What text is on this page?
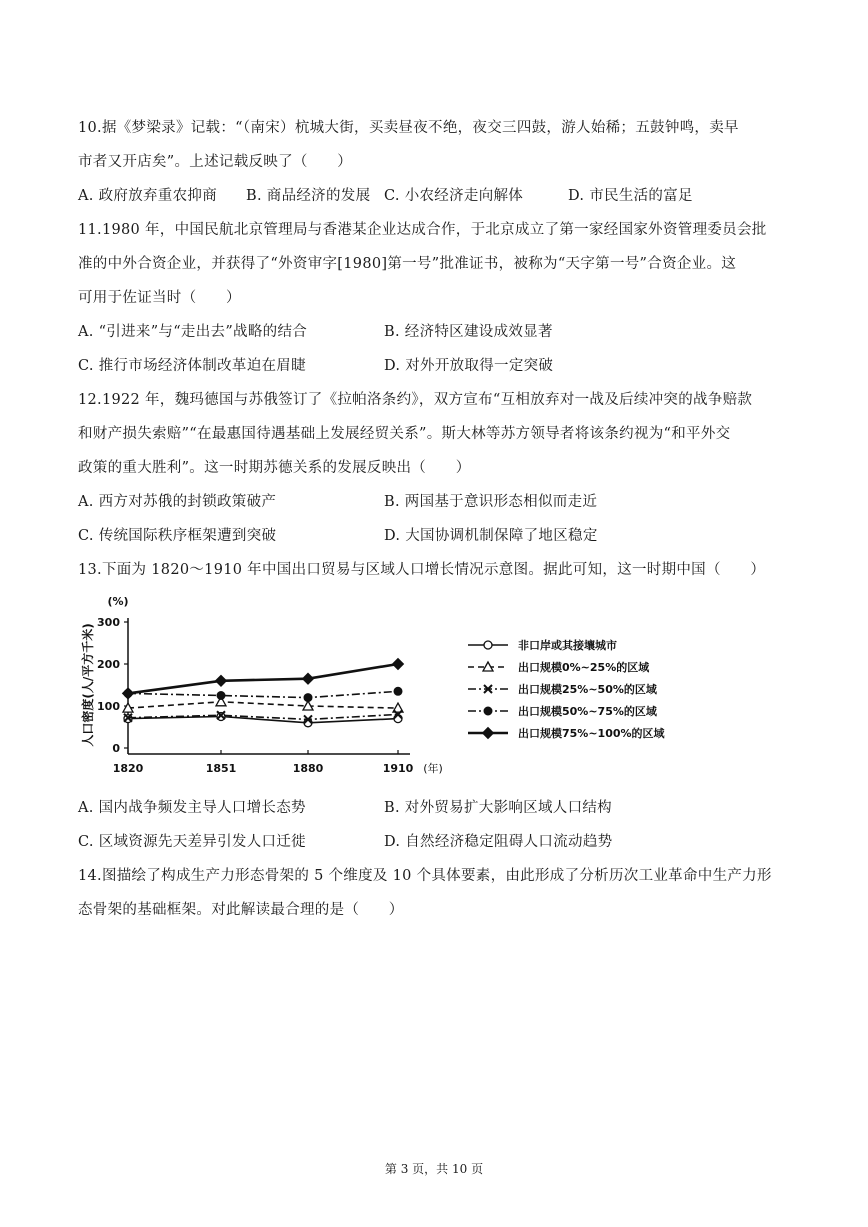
10.据《梦梁录》记载：“（南宋）杭城大街，买卖昼夜不绝，夜交三四鼓，游人始稀；五鼓钟鸣，卖早
市者又开店矣”。上述记载反映了（　　）
A. 政府放弃重农抑商 B. 商品经济的发展 C. 小农经济走向解体	D. 市民生活的富足
11.1980 年，中国民航北京管理局与香港某企业达成合作，于北京成立了第一家经国家外资管理委员会批
准的中外合资企业，并获得了“外资审字[1980]第一号”批准证书，被称为“天字第一号”合资企业。这
可用于佐证当时（　　）
A. “引进来”与“走出去”战略的结合	B. 经济特区建设成效显著
C. 推行市场经济体制改革迫在眉睫	D. 对外开放取得一定突破
12.1922 年，魏玛德国与苏俄签订了《拉帕洛条约》，双方宣布“互相放弃对一战及后续冲突的战争赔款
和财产损失索赔”“在最惠国待遇基础上发展经贸关系”。斯大林等苏方领导者将该条约视为“和平外交
政策的重大胜利”。这一时期苏德关系的发展反映出（　　）
A. 西方对苏俄的封锁政策破产	B. 两国基于意识形态相似而走近
C. 传统国际秩序框架遭到突破	D. 大国协调机制保障了地区稳定
13.下面为 1820～1910 年中国出口贸易与区域人口增长情况示意图。据此可知，这一时期中国（　　）
0
100
200
300
1820	1851	1880	1910 (年)
(%)
人口密度(人/平方千米)	非口岸或其接壤城市
出口规模0%~25%的区域
出口规模25%~50%的区域
出口规模50%~75%的区域
出口规模75%~100%的区域
A. 国内战争频发主导人口增长态势	B. 对外贸易扩大影响区域人口结构
C. 区域资源先天差异引发人口迁徙	D. 自然经济稳定阻碍人口流动趋势
14.图描绘了构成生产力形态骨架的 5 个维度及 10 个具体要素，由此形成了分析历次工业革命中生产力形
态骨架的基础框架。对此解读最合理的是（　　）
第 3 页，共 10 页
